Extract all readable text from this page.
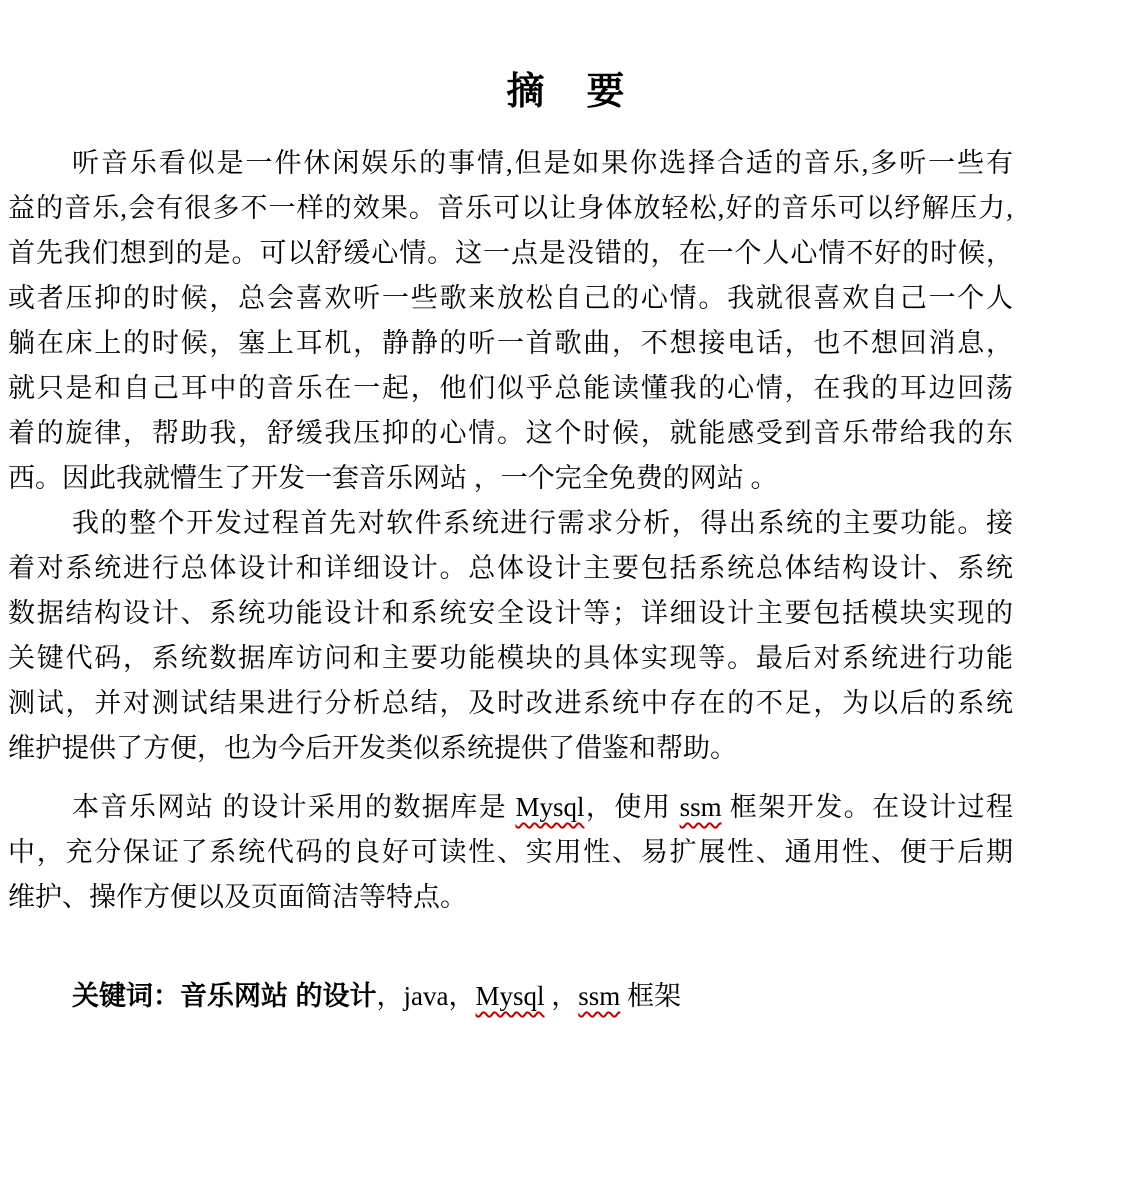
摘　要
听音乐看似是一件休闲娱乐的事情,但是如果你选择合适的音乐,多听一些有
益的音乐,会有很多不一样的效果。音乐可以让身体放轻松,好的音乐可以纾解压力,
首先我们想到的是。可以舒缓心情。这一点是没错的，在一个人心情不好的时候，
或者压抑的时候，总会喜欢听一些歌来放松自己的心情。我就很喜欢自己一个人
躺在床上的时候，塞上耳机，静静的听一首歌曲，不想接电话，也不想回消息，
就只是和自己耳中的音乐在一起，他们似乎总能读懂我的心情，在我的耳边回荡
着的旋律，帮助我，舒缓我压抑的心情。这个时候，就能感受到音乐带给我的东
西。因此我就懵生了开发一套音乐网站 ，一个完全免费的网站 。
我的整个开发过程首先对软件系统进行需求分析，得出系统的主要功能。接
着对系统进行总体设计和详细设计。总体设计主要包括系统总体结构设计、系统
数据结构设计、系统功能设计和系统安全设计等；详细设计主要包括模块实现的
关键代码，系统数据库访问和主要功能模块的具体实现等。最后对系统进行功能
测试，并对测试结果进行分析总结，及时改进系统中存在的不足，为以后的系统
维护提供了方便，也为今后开发类似系统提供了借鉴和帮助。
本音乐网站 的设计采用的数据库是 Mysql，使用 ssm 框架开发。在设计过程
中，充分保证了系统代码的良好可读性、实用性、易扩展性、通用性、便于后期
维护、操作方便以及页面简洁等特点。
关键词：音乐网站 的设计，java，Mysql ，ssm 框架
